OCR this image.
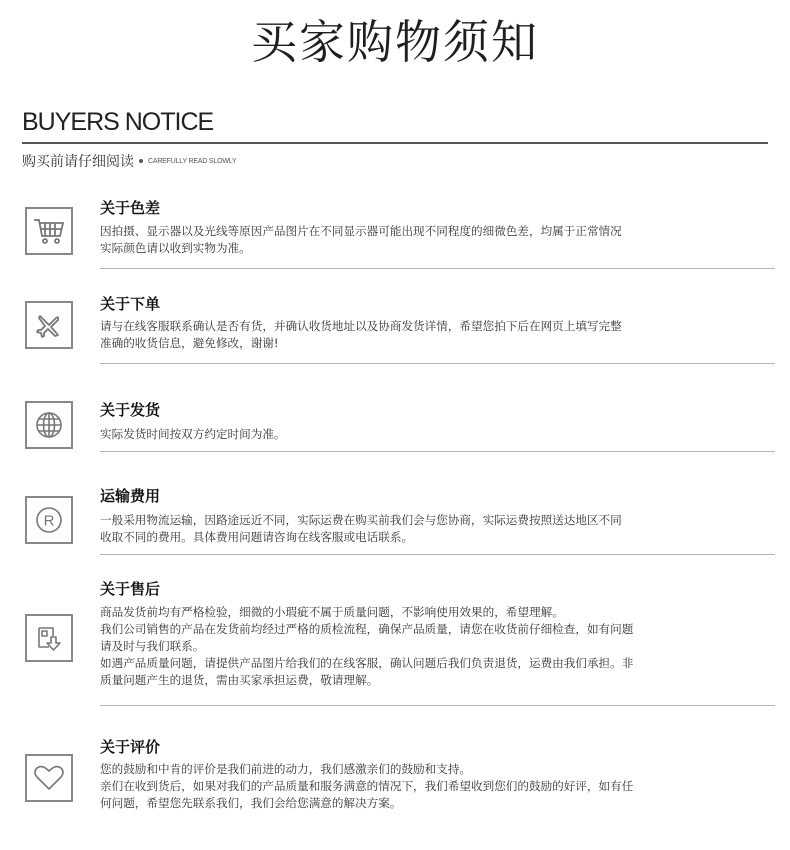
买家购物须知
BUYERS NOTICE
购买前请仔细阅读 CAREFULLY READ SLOWLY
关于色差
因拍摄、显示器以及光线等原因产品图片在不同显示器可能出现不同程度的细微色差，均属于正常情况
实际颜色请以收到实物为准。
关于下单
请与在线客服联系确认是否有货，并确认收货地址以及协商发货详情，希望您拍下后在网页上填写完整
准确的收货信息，避免修改，谢谢!
关于发货
实际发货时间按双方约定时间为准。
R
运输费用
一般采用物流运输，因路途远近不同，实际运费在购买前我们会与您协商，实际运费按照送达地区不同
收取不同的费用。具体费用问题请咨询在线客服或电话联系。
关于售后
商品发货前均有严格检验，细微的小瑕疵不属于质量问题，不影响使用效果的，希望理解。
我们公司销售的产品在发货前均经过严格的质检流程，确保产品质量，请您在收货前仔细检查，如有问题
请及时与我们联系。
如遇产品质量问题，请提供产品图片给我们的在线客服，确认问题后我们负责退货，运费由我们承担。非
质量问题产生的退货，需由买家承担运费，敬请理解。
关于评价
您的鼓励和中肯的评价是我们前进的动力，我们感激亲们的鼓励和支持。
亲们在收到货后，如果对我们的产品质量和服务满意的情况下，我们希望收到您们的鼓励的好评，如有任
何问题，希望您先联系我们，我们会给您满意的解决方案。
